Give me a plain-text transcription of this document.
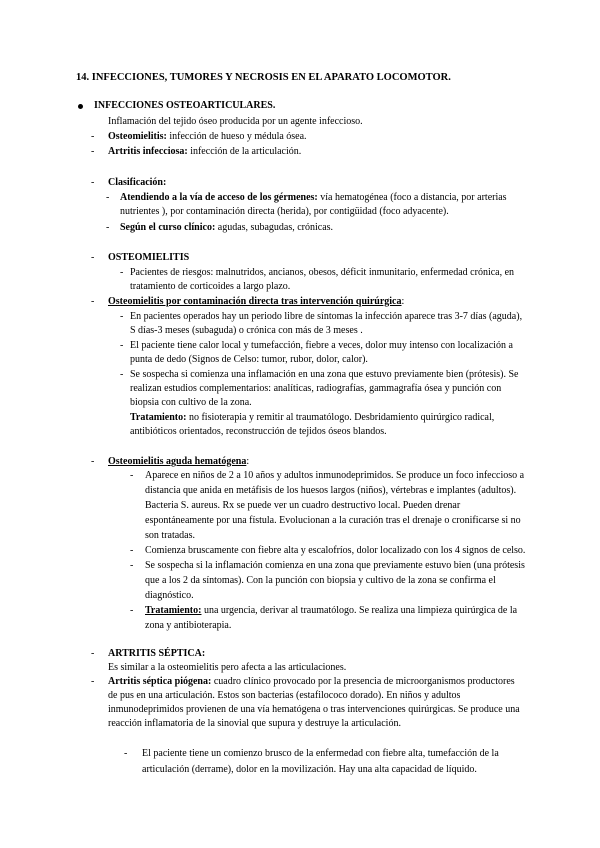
14. INFECCIONES, TUMORES Y NECROSIS EN EL APARATO LOCOMOTOR.
INFECCIONES OSTEOARTICULARES.
Inflamación del tejido óseo producida por un agente infeccioso.
- Osteomielitis: infección de hueso y médula ósea.
- Artritis infecciosa: infección de la articulación.
- Clasificación:
- Atendiendo a la vía de acceso de los gérmenes: vía hematogénea (foco a distancia, por arterias
nutrientes ), por contaminación directa (herida), por contigüidad (foco adyacente).
- Según el curso clínico: agudas, subagudas, crónicas.
- OSTEOMIELITIS
- Pacientes de riesgos: malnutridos, ancianos, obesos, déficit inmunitario, enfermedad crónica, en
tratamiento de corticoides a largo plazo.
- Osteomielitis por contaminación directa tras intervención quirúrgica:
- En pacientes operados hay un periodo libre de síntomas la infección aparece tras 3-7 días (aguda),
S días-3 meses (subaguda) o crónica con más de 3 meses .
- El paciente tiene calor local y tumefacción, fiebre a veces, dolor muy intenso con localización a
punta de dedo (Signos de Celso: tumor, rubor, dolor, calor).
- Se sospecha si comienza una inflamación en una zona que estuvo previamente bien (prótesis). Se
realizan estudios complementarios: analíticas, radiografías, gammagrafía ósea y punción con
biopsia con cultivo de la zona.
Tratamiento: no fisioterapia y remitir al traumatólogo. Desbridamiento quirúrgico radical,
antibióticos orientados, reconstrucción de tejidos óseos blandos.
- Osteomielitis aguda hematógena:
- Aparece en niños de 2 a 10 años y adultos inmunodeprimidos. Se produce un foco infeccioso a
distancia que anida en metáfisis de los huesos largos (niños), vértebras e implantes (adultos).
Bacteria S. aureus. Rx se puede ver un cuadro destructivo local. Pueden drenar
espontáneamente por una fístula. Evolucionan a la curación tras el drenaje o cronificarse si no
son tratadas.
- Comienza bruscamente con fiebre alta y escalofríos, dolor localizado con los 4 signos de celso.
- Se sospecha si la inflamación comienza en una zona que previamente estuvo bien (una prótesis
que a los 2 da síntomas). Con la punción con biopsia y cultivo de la zona se confirma el
diagnóstico.
- Tratamiento: una urgencia, derivar al traumatólogo. Se realiza una limpieza quirúrgica de la
zona y antibioterapia.
- ARTRITIS SÉPTICA:
Es similar a la osteomielitis pero afecta a las articulaciones.
- Artritis séptica piógena: cuadro clínico provocado por la presencia de microorganismos productores
de pus en una articulación. Estos son bacterias (estafilococo dorado). En niños y adultos
inmunodeprimidos provienen de una vía hematógena o tras intervenciones quirúrgicas. Se produce una
reacción inflamatoria de la sinovial que supura y destruye la articulación.
- El paciente tiene un comienzo brusco de la enfermedad con fiebre alta, tumefacción de la
articulación (derrame), dolor en la movilización. Hay una alta capacidad de líquido.
